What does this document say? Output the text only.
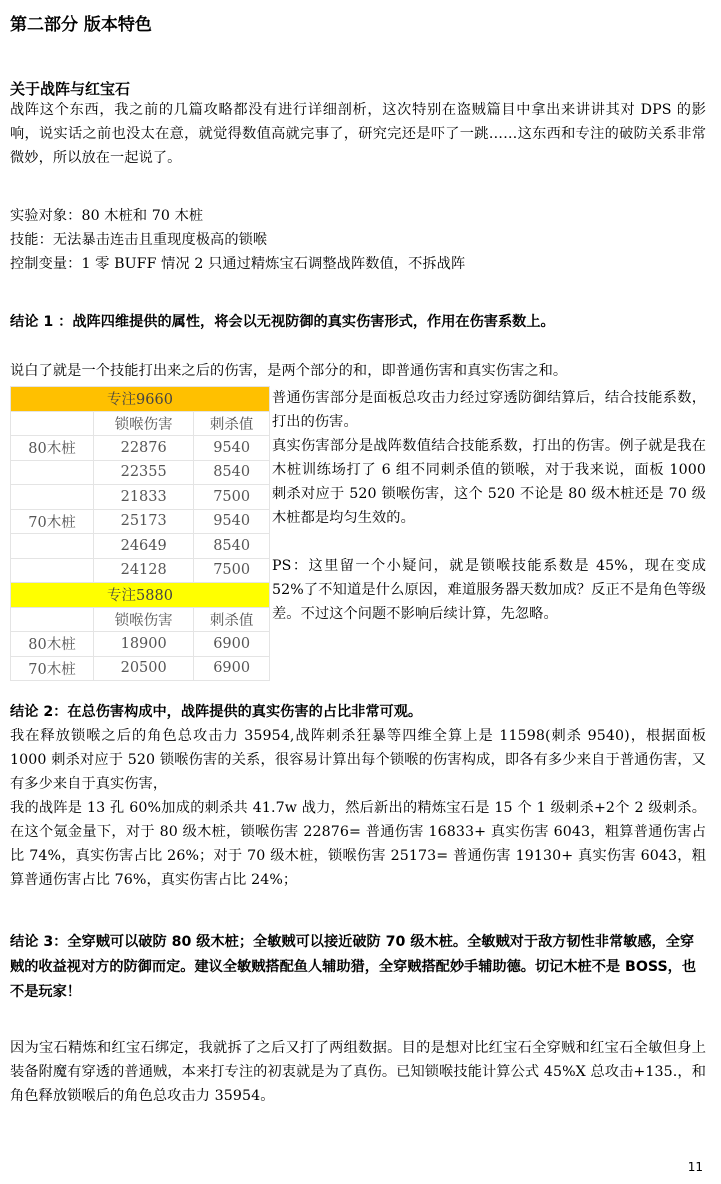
第二部分 版本特色
关于战阵与红宝石
战阵这个东西，我之前的几篇攻略都没有进行详细剖析，这次特别在盗贼篇目中拿出来讲讲其对 DPS 的影响，说实话之前也没太在意，就觉得数值高就完事了，研究完还是吓了一跳……这东西和专注的破防关系非常微妙，所以放在一起说了。
实验对象：80 木桩和 70 木桩
技能：无法暴击连击且重现度极高的锁喉
控制变量：1 零 BUFF 情况 2 只通过精炼宝石调整战阵数值，不拆战阵
结论 1 ：战阵四维提供的属性，将会以无视防御的真实伤害形式，作用在伤害系数上。
说白了就是一个技能打出来之后的伤害，是两个部分的和，即普通伤害和真实伤害之和。
专注9660		
	锁喉伤害	刺杀值
80木桩	22876	9540
	22355	8540
	21833	7500
70木桩	25173	9540
	24649	8540
	24128	7500
专注5880		
	锁喉伤害	刺杀值
80木桩	18900	6900
70木桩	20500	6900
普通伤害部分是面板总攻击力经过穿透防御结算后，结合技能系数，打出的伤害。
真实伤害部分是战阵数值结合技能系数，打出的伤害。例子就是我在木桩训练场打了 6 组不同刺杀值的锁喉，对于我来说，面板 1000 刺杀对应于 520 锁喉伤害，这个 520 不论是 80 级木桩还是 70 级木桩都是均匀生效的。
PS：这里留一个小疑问，就是锁喉技能系数是 45%，现在变成 52%了不知道是什么原因，难道服务器天数加成？反正不是角色等级差。不过这个问题不影响后续计算，先忽略。
结论 2：在总伤害构成中，战阵提供的真实伤害的占比非常可观。
我在释放锁喉之后的角色总攻击力 35954,战阵刺杀狂暴等四维全算上是 11598(刺杀 9540)，根据面板 1000 刺杀对应于 520 锁喉伤害的关系，很容易计算出每个锁喉的伤害构成，即各有多少来自于普通伤害，又有多少来自于真实伤害，
我的战阵是 13 孔 60%加成的刺杀共 41.7w 战力，然后新出的精炼宝石是 15 个 1 级刺杀+2个 2 级刺杀。在这个氪金量下，对于 80 级木桩，锁喉伤害 22876= 普通伤害 16833+ 真实伤害 6043，粗算普通伤害占比 74%，真实伤害占比 26%；对于 70 级木桩，锁喉伤害 25173= 普通伤害 19130+ 真实伤害 6043，粗算普通伤害占比 76%，真实伤害占比 24%；
结论 3：全穿贼可以破防 80 级木桩；全敏贼可以接近破防 70 级木桩。全敏贼对于敌方韧性非常敏感，全穿贼的收益视对方的防御而定。建议全敏贼搭配鱼人辅助猎，全穿贼搭配妙手辅助德。切记木桩不是 BOSS，也不是玩家！
因为宝石精炼和红宝石绑定，我就拆了之后又打了两组数据。目的是想对比红宝石全穿贼和红宝石全敏但身上装备附魔有穿透的普通贼，本来打专注的初衷就是为了真伤。已知锁喉技能计算公式 45%X 总攻击+135.，和角色释放锁喉后的角色总攻击力 35954。
11
